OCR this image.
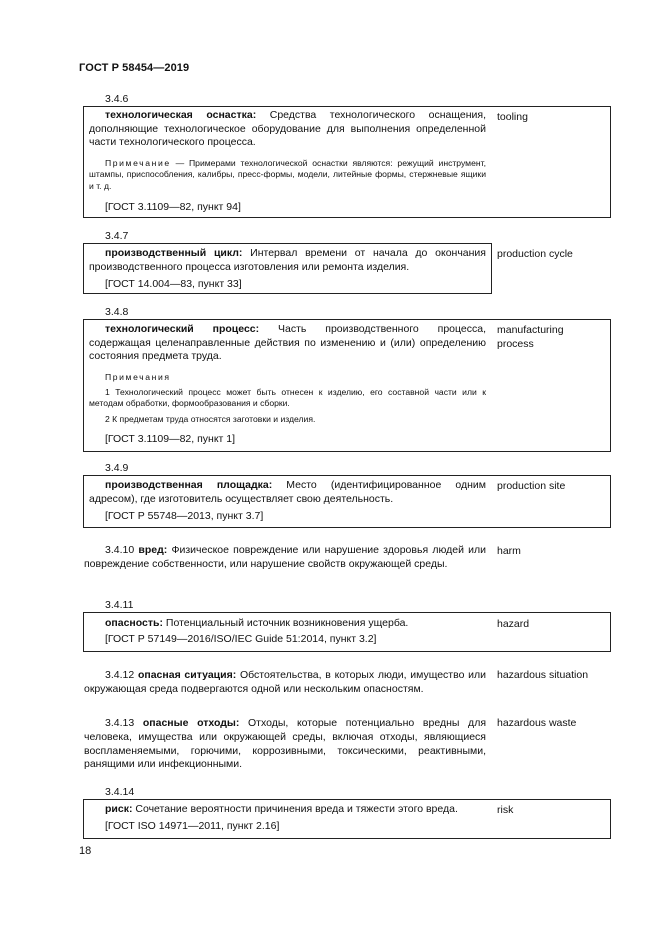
ГОСТ Р 58454—2019
3.4.6
технологическая оснастка: Средства технологического оснащения, дополняющие технологическое оборудование для выполнения определенной части технологического процесса.
Примечание — Примерами технологической оснастки являются: режущий инструмент, штампы, приспособления, калибры, пресс-формы, модели, литейные формы, стержневые ящики и т. д.
[ГОСТ 3.1109—82, пункт 94]
tooling
3.4.7
производственный цикл: Интервал времени от начала до окончания производственного процесса изготовления или ремонта изделия.
[ГОСТ 14.004—83, пункт 33]
production cycle
3.4.8
технологический процесс: Часть производственного процесса, содержащая целенаправленные действия по изменению и (или) определению состояния предмета труда.
Примечания
1 Технологический процесс может быть отнесен к изделию, его составной части или к методам обработки, формообразования и сборки.
2 К предметам труда относятся заготовки и изделия.
[ГОСТ 3.1109—82, пункт 1]
manufacturing
process
3.4.9
производственная площадка: Место (идентифицированное одним адресом), где изготовитель осуществляет свою деятельность.
[ГОСТ Р 55748—2013, пункт 3.7]
production site
3.4.10 вред: Физическое повреждение или нарушение здоровья людей или повреждение собственности, или нарушение свойств окружающей среды.
harm
3.4.11
опасность: Потенциальный источник возникновения ущерба.
[ГОСТ Р 57149—2016/ISO/IEC Guide 51:2014, пункт 3.2]
hazard
3.4.12 опасная ситуация: Обстоятельства, в которых люди, имущество или окружающая среда подвергаются одной или нескольким опасностям.
hazardous situation
3.4.13 опасные отходы: Отходы, которые потенциально вредны для человека, имущества или окружающей среды, включая отходы, являющиеся воспламеняемыми, горючими, коррозивными, токсическими, реактивными, ранящими или инфекционными.
hazardous waste
3.4.14
риск: Сочетание вероятности причинения вреда и тяжести этого вреда.
[ГОСТ ISO 14971—2011, пункт 2.16]
risk
18
